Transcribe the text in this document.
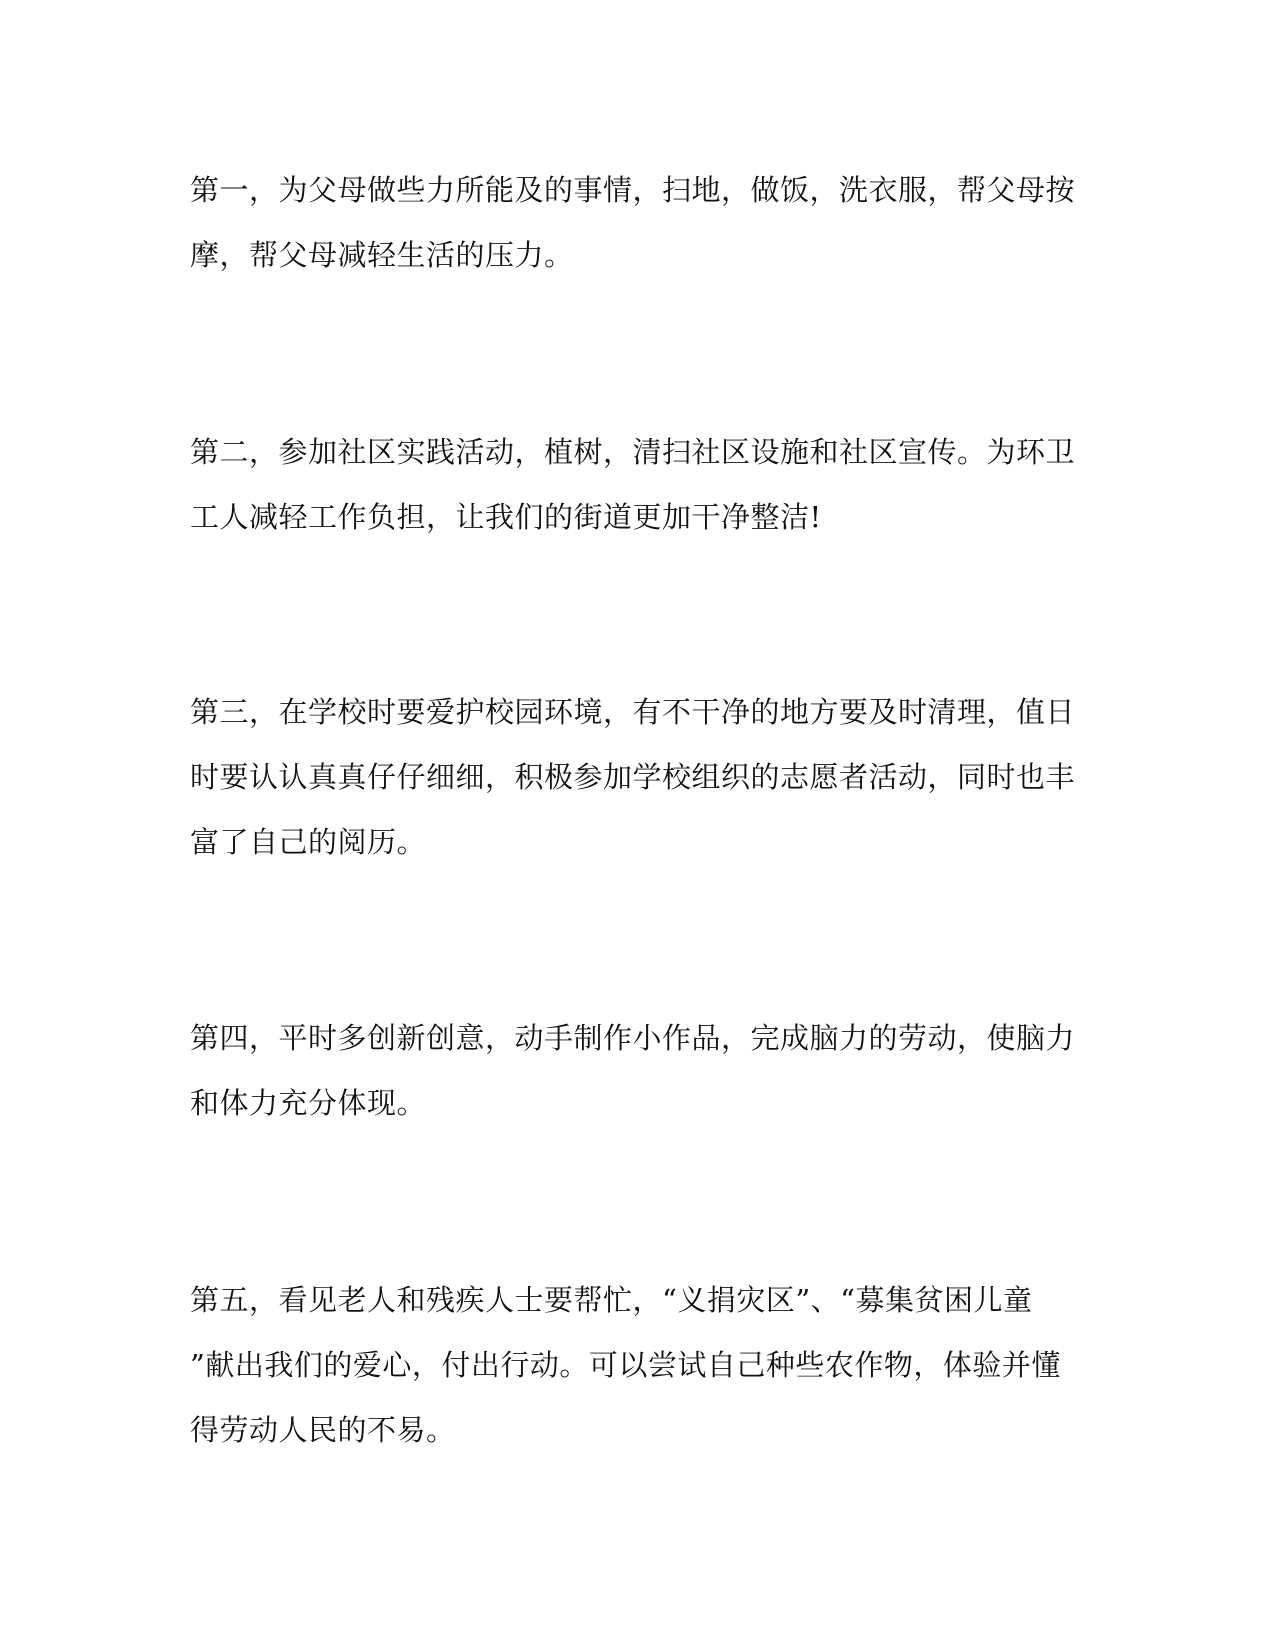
第一，为父母做些力所能及的事情，扫地，做饭，洗衣服，帮父母按
摩，帮父母减轻生活的压力。

第二，参加社区实践活动，植树，清扫社区设施和社区宣传。为环卫
工人减轻工作负担，让我们的街道更加干净整洁!

第三，在学校时要爱护校园环境，有不干净的地方要及时清理，值日
时要认认真真仔仔细细，积极参加学校组织的志愿者活动，同时也丰
富了自己的阅历。

第四，平时多创新创意，动手制作小作品，完成脑力的劳动，使脑力
和体力充分体现。

第五，看见老人和残疾人士要帮忙，“义捐灾区”、“募集贫困儿童
”献出我们的爱心，付出行动。可以尝试自己种些农作物，体验并懂
得劳动人民的不易。
